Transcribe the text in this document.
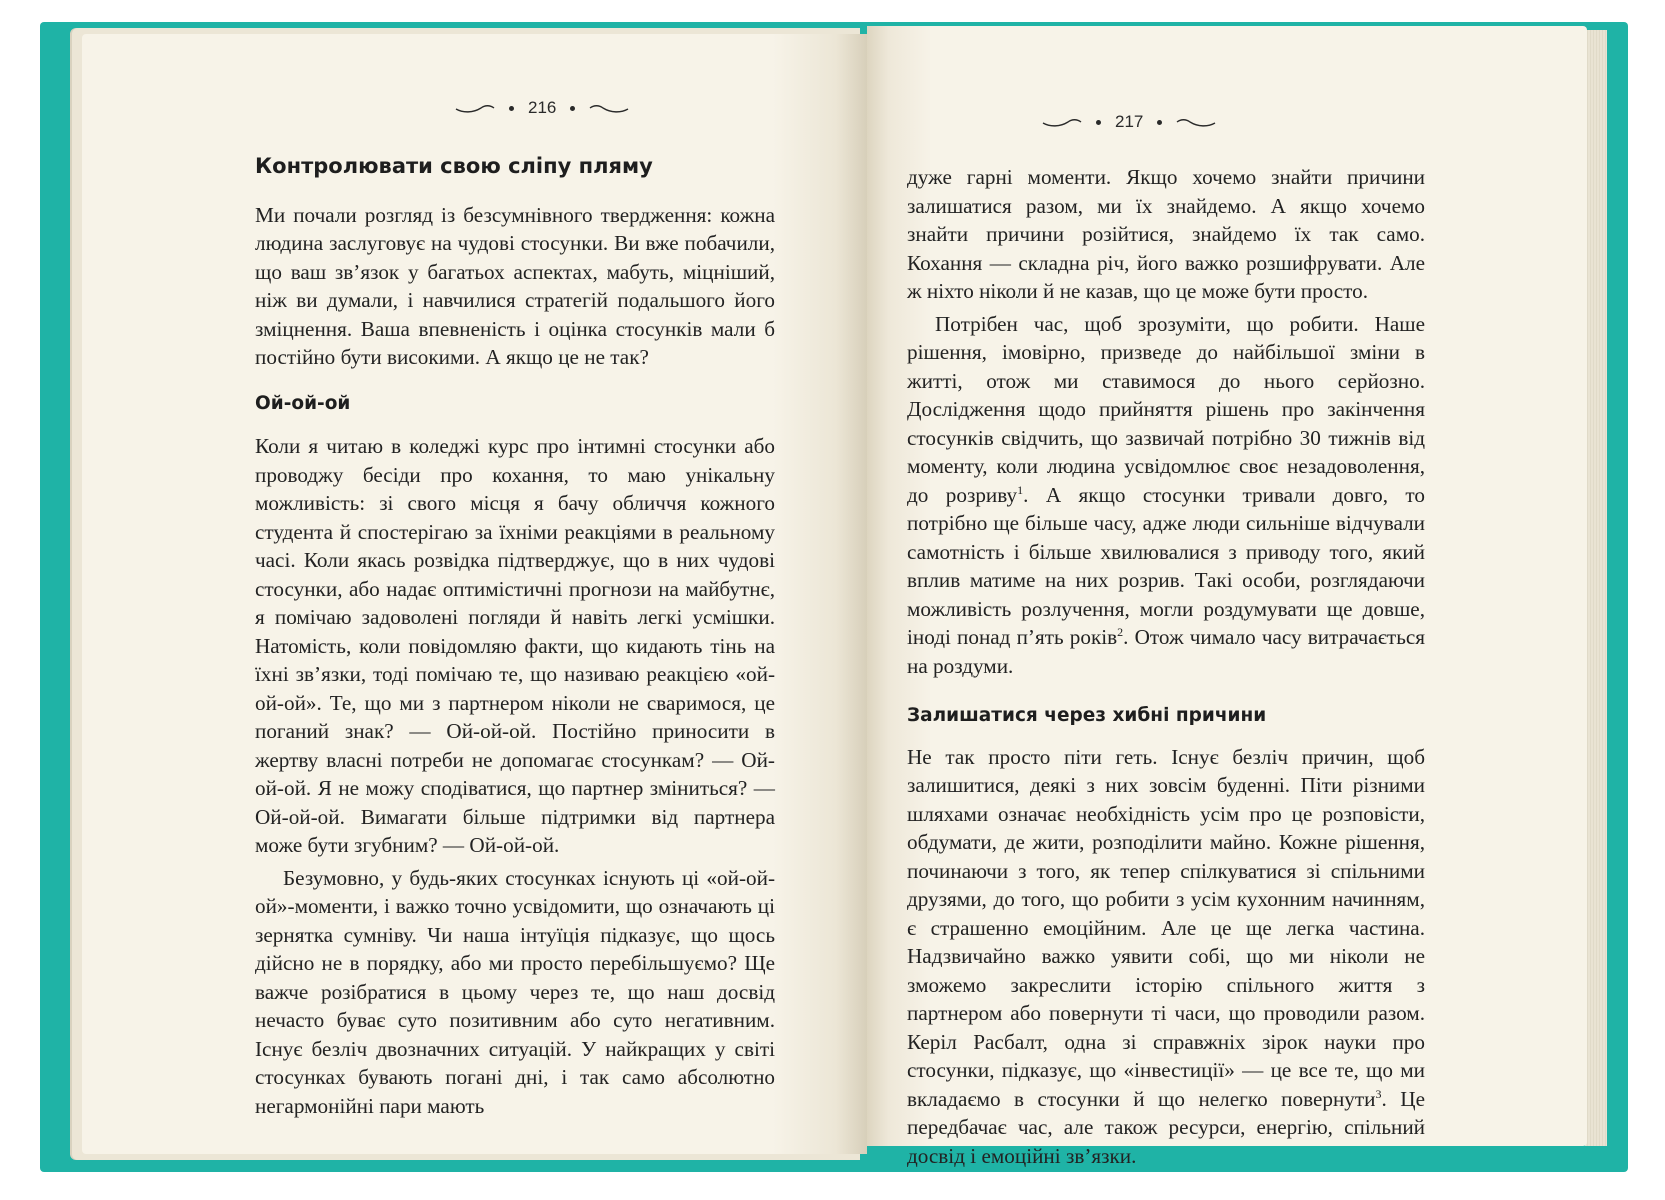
216

Контролювати свою сліпу пляму

Ми почали розгляд із безсумнівного твердження: кожна людина заслуговує на чудові стосунки. Ви вже побачили, що ваш зв’язок у багатьох аспектах, мабуть, міцніший, ніж ви думали, і навчилися стратегій подальшого його зміцнення. Ваша впевненість і оцінка стосунків мали б постійно бути високими. А якщо це не так?

Ой-ой-ой

Коли я читаю в коледжі курс про інтимні стосунки або проводжу бесіди про кохання, то маю унікальну можливість: зі свого місця я бачу обличчя кожного студента й спостерігаю за їхніми реакціями в реальному часі. Коли якась розвідка підтверджує, що в них чудові стосунки, або надає оптимістичні прогнози на майбутнє, я помічаю задоволені погляди й навіть легкі усмішки. Натомість, коли повідомляю факти, що кидають тінь на їхні зв’язки, тоді помічаю те, що називаю реакцією «ой-ой-ой». Те, що ми з партнером ніколи не сваримося, це поганий знак? — Ой-ой-ой. Постійно приносити в жертву власні потреби не допомагає стосункам? — Ой-ой-ой. Я не можу сподіватися, що партнер зміниться? — Ой-ой-ой. Вимагати більше підтримки від партнера може бути згубним? — Ой-ой-ой.

Безумовно, у будь-яких стосунках існують ці «ой-ой-ой»-моменти, і важко точно усвідомити, що означають ці зернятка сумніву. Чи наша інтуїція підказує, що щось дійсно не в порядку, або ми просто перебільшуємо? Ще важче розібратися в цьому через те, що наш досвід нечасто буває суто позитивним або суто негативним. Існує безліч двозначних ситуацій. У найкращих у світі стосунках бувають погані дні, і так само абсолютно негармонійні пари мають

217

дуже гарні моменти. Якщо хочемо знайти причини залишатися разом, ми їх знайдемо. А якщо хочемо знайти причини розійтися, знайдемо їх так само. Кохання — складна річ, його важко розшифрувати. Але ж ніхто ніколи й не казав, що це може бути просто.

Потрібен час, щоб зрозуміти, що робити. Наше рішення, імовірно, призведе до найбільшої зміни в житті, отож ми ставимося до нього серйозно. Дослідження щодо прийняття рішень про закінчення стосунків свідчить, що зазвичай потрібно 30 тижнів від моменту, коли людина усвідомлює своє незадоволення, до розриву$^1$. А якщо стосунки тривали довго, то потрібно ще більше часу, адже люди сильніше відчували самотність і більше хвилювалися з приводу того, який вплив матиме на них розрив. Такі особи, розглядаючи можливість розлучення, могли роздумувати ще довше, іноді понад п’ять років$^2$. Отож чимало часу витрачається на роздуми.

Залишатися через хибні причини

Не так просто піти геть. Існує безліч причин, щоб залишитися, деякі з них зовсім буденні. Піти різними шляхами означає необхідність усім про це розповісти, обдумати, де жити, розподілити майно. Кожне рішення, починаючи з того, як тепер спілкуватися зі спільними друзями, до того, що робити з усім кухонним начинням, є страшенно емоційним. Але це ще легка частина. Надзвичайно важко уявити собі, що ми ніколи не зможемо закреслити історію спільного життя з партнером або повернути ті часи, що проводили разом. Керіл Расбалт, одна зі справжніх зірок науки про стосунки, підказує, що «інвестиції» — це все те, що ми вкладаємо в стосунки й що нелегко повернути$^3$. Це передбачає час, але також ресурси, енергію, спільний досвід і емоційні зв’язки.
